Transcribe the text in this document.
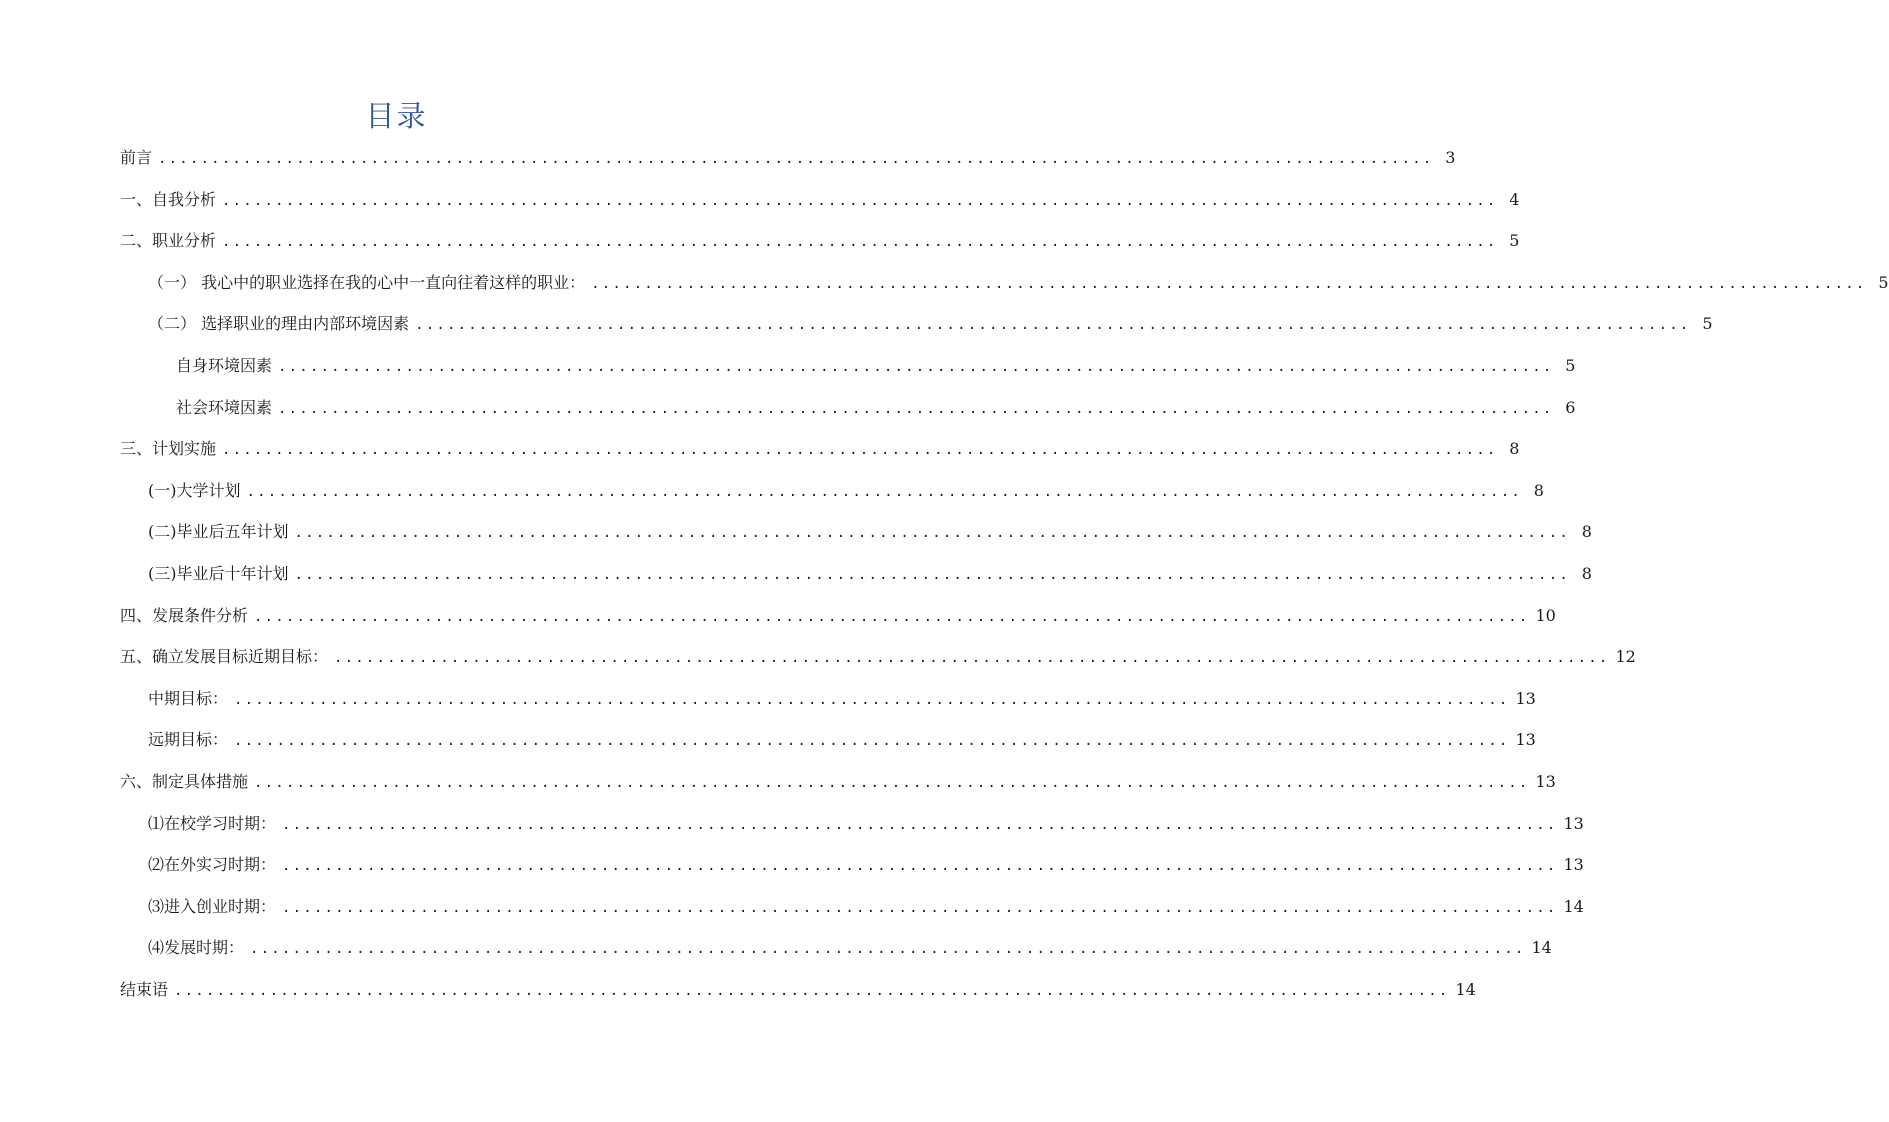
目录
前言 ........................................................................................................................ 3
一、自我分析 ........................................................................................................................ 4
二、职业分析 ........................................................................................................................ 5
（一） 我心中的职业选择在我的心中一直向往着这样的职业： ........................................................................................................................ 5
（二） 选择职业的理由内部环境因素 ........................................................................................................................ 5
自身环境因素 ........................................................................................................................ 5
社会环境因素 ........................................................................................................................ 6
三、计划实施 ........................................................................................................................ 8
(一)大学计划 ........................................................................................................................ 8
(二)毕业后五年计划 ........................................................................................................................ 8
(三)毕业后十年计划 ........................................................................................................................ 8
四、发展条件分析 ........................................................................................................................ 10
五、确立发展目标近期目标： ........................................................................................................................ 12
中期目标： ........................................................................................................................ 13
远期目标： ........................................................................................................................ 13
六、制定具体措施 ........................................................................................................................ 13
⑴在校学习时期： ........................................................................................................................ 13
⑵在外实习时期： ........................................................................................................................ 13
⑶进入创业时期： ........................................................................................................................ 14
⑷发展时期： ........................................................................................................................ 14
结束语 ........................................................................................................................ 14
